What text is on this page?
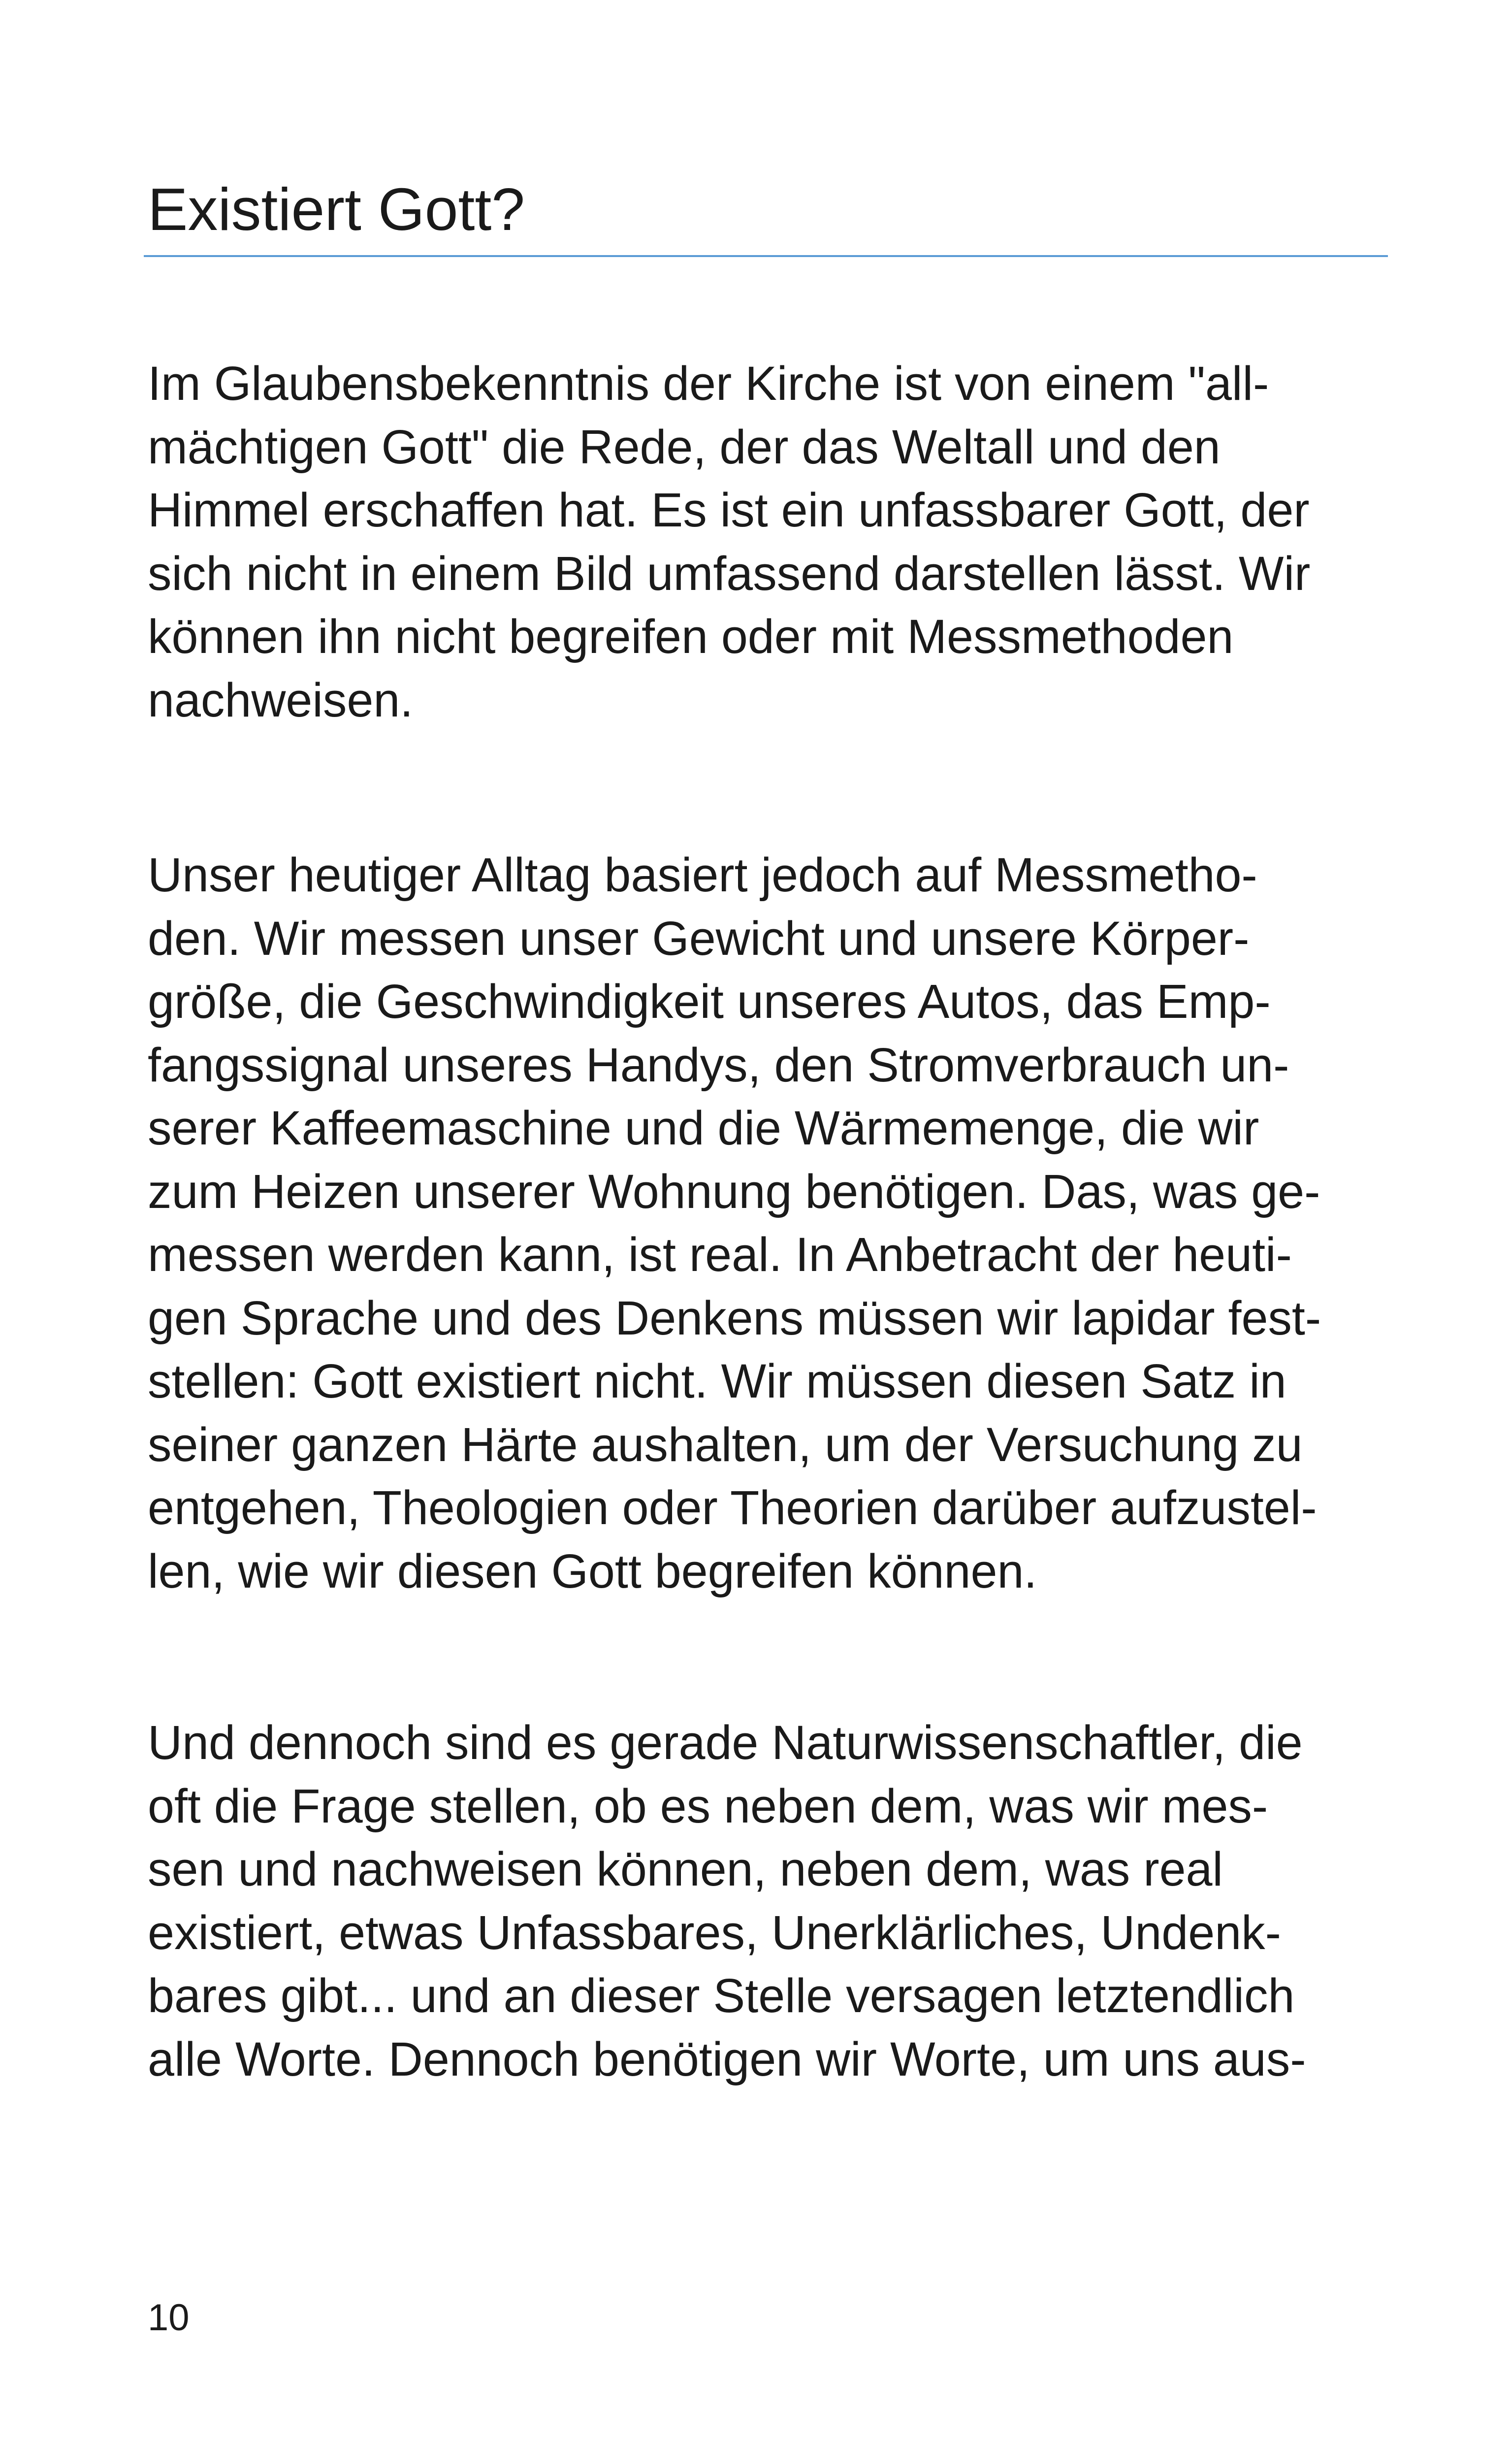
Existiert Gott?

Im Glaubensbekenntnis der Kirche ist von einem "all-
mächtigen Gott" die Rede, der das Weltall und den
Himmel erschaffen hat. Es ist ein unfassbarer Gott, der
sich nicht in einem Bild umfassend darstellen lässt. Wir
können ihn nicht begreifen oder mit Messmethoden
nachweisen.

Unser heutiger Alltag basiert jedoch auf Messmetho-
den. Wir messen unser Gewicht und unsere Körper-
größe, die Geschwindigkeit unseres Autos, das Emp-
fangssignal unseres Handys, den Stromverbrauch un-
serer Kaffeemaschine und die Wärmemenge, die wir
zum Heizen unserer Wohnung benötigen. Das, was ge-
messen werden kann, ist real. In Anbetracht der heuti-
gen Sprache und des Denkens müssen wir lapidar fest-
stellen: Gott existiert nicht. Wir müssen diesen Satz in
seiner ganzen Härte aushalten, um der Versuchung zu
entgehen, Theologien oder Theorien darüber aufzustel-
len, wie wir diesen Gott begreifen können.

Und dennoch sind es gerade Naturwissenschaftler, die
oft die Frage stellen, ob es neben dem, was wir mes-
sen und nachweisen können, neben dem, was real
existiert, etwas Unfassbares, Unerklärliches, Undenk-
bares gibt... und an dieser Stelle versagen letztendlich
alle Worte. Dennoch benötigen wir Worte, um uns aus-

10
